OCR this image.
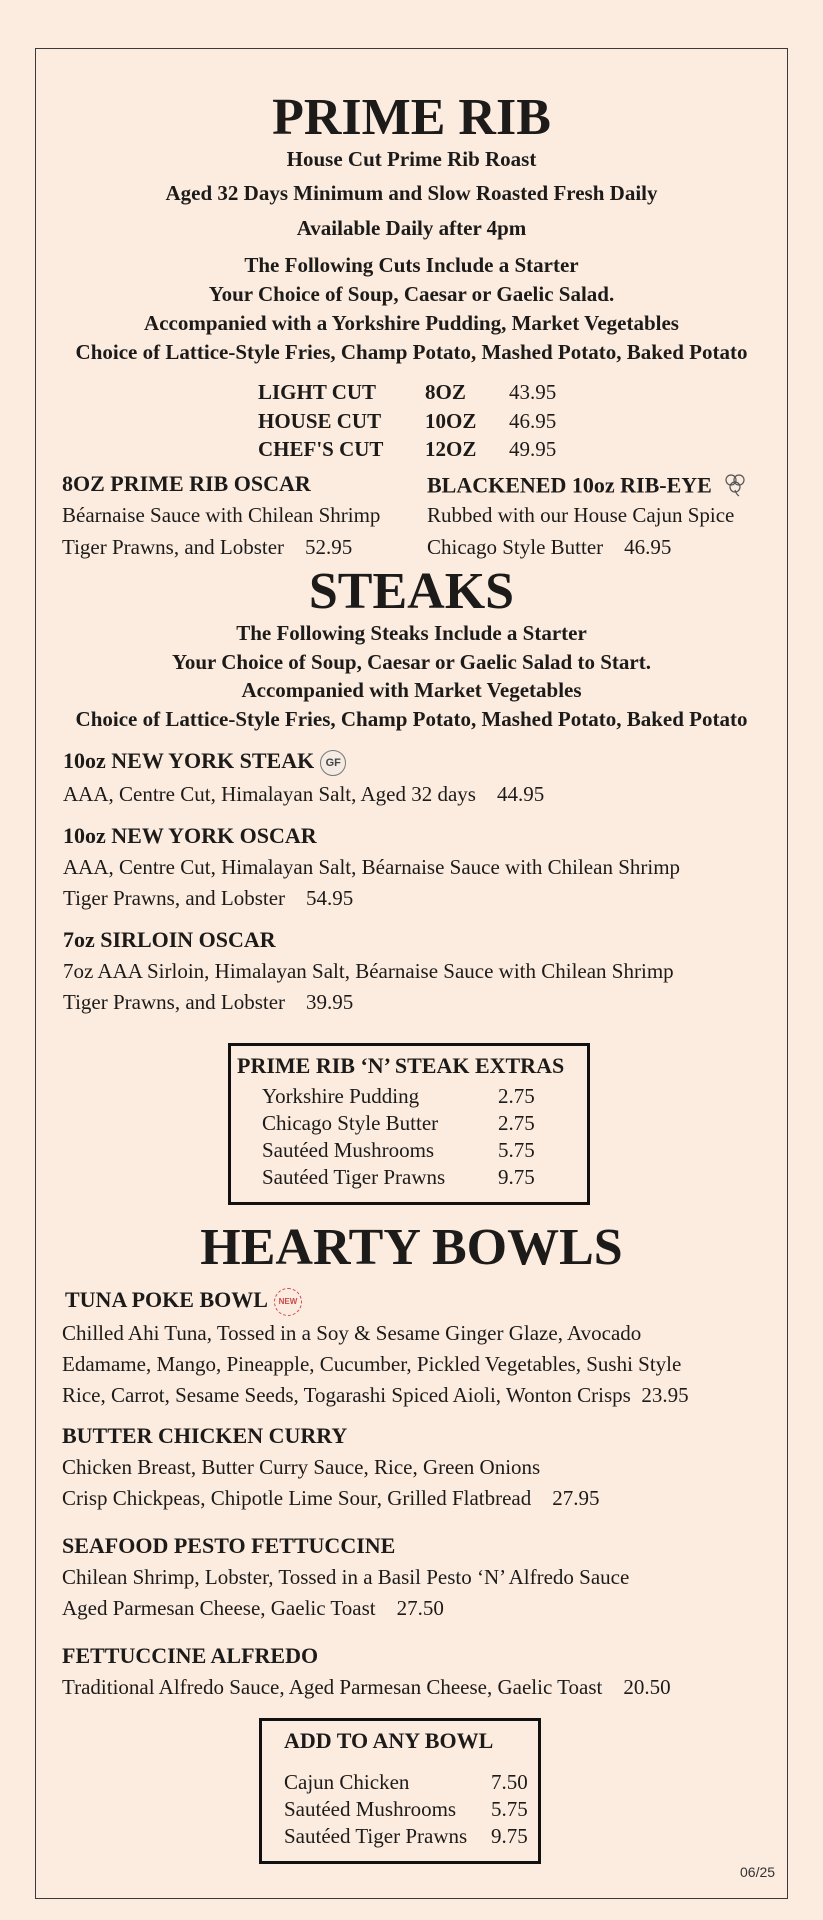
PRIME RIB
House Cut Prime Rib Roast
Aged 32 Days Minimum and Slow Roasted Fresh Daily
Available Daily after 4pm
The Following Cuts Include a Starter
Your Choice of Soup, Caesar or Gaelic Salad.
Accompanied with a Yorkshire Pudding, Market Vegetables
Choice of Lattice-Style Fries, Champ Potato, Mashed Potato, Baked Potato
LIGHT CUT	8OZ	43.95
HOUSE CUT	10OZ	46.95
CHEF'S CUT	12OZ	49.95
8OZ PRIME RIB OSCAR
Béarnaise Sauce with Chilean Shrimp
Tiger Prawns, and Lobster 52.95
BLACKENED 10oz RIB-EYE
Rubbed with our House Cajun Spice
Chicago Style Butter 46.95
STEAKS
The Following Steaks Include a Starter
Your Choice of Soup, Caesar or Gaelic Salad to Start.
Accompanied with Market Vegetables
Choice of Lattice-Style Fries, Champ Potato, Mashed Potato, Baked Potato
10oz NEW YORK STEAK GF
AAA, Centre Cut, Himalayan Salt, Aged 32 days 44.95
10oz NEW YORK OSCAR
AAA, Centre Cut, Himalayan Salt, Béarnaise Sauce with Chilean Shrimp
Tiger Prawns, and Lobster 54.95
7oz SIRLOIN OSCAR
7oz AAA Sirloin, Himalayan Salt, Béarnaise Sauce with Chilean Shrimp
Tiger Prawns, and Lobster 39.95
PRIME RIB ‘N’ STEAK EXTRAS
Yorkshire Pudding	2.75
Chicago Style Butter	2.75
Sautéed Mushrooms	5.75
Sautéed Tiger Prawns	9.75
HEARTY BOWLS
TUNA POKE BOWL NEW
Chilled Ahi Tuna, Tossed in a Soy & Sesame Ginger Glaze, Avocado
Edamame, Mango, Pineapple, Cucumber, Pickled Vegetables, Sushi Style
Rice, Carrot, Sesame Seeds, Togarashi Spiced Aioli, Wonton Crisps 23.95
BUTTER CHICKEN CURRY
Chicken Breast, Butter Curry Sauce, Rice, Green Onions
Crisp Chickpeas, Chipotle Lime Sour, Grilled Flatbread 27.95
SEAFOOD PESTO FETTUCCINE
Chilean Shrimp, Lobster, Tossed in a Basil Pesto ‘N’ Alfredo Sauce
Aged Parmesan Cheese, Gaelic Toast 27.50
FETTUCCINE ALFREDO
Traditional Alfredo Sauce, Aged Parmesan Cheese, Gaelic Toast 20.50
ADD TO ANY BOWL
Cajun Chicken	7.50
Sautéed Mushrooms	5.75
Sautéed Tiger Prawns	9.75
06/25
